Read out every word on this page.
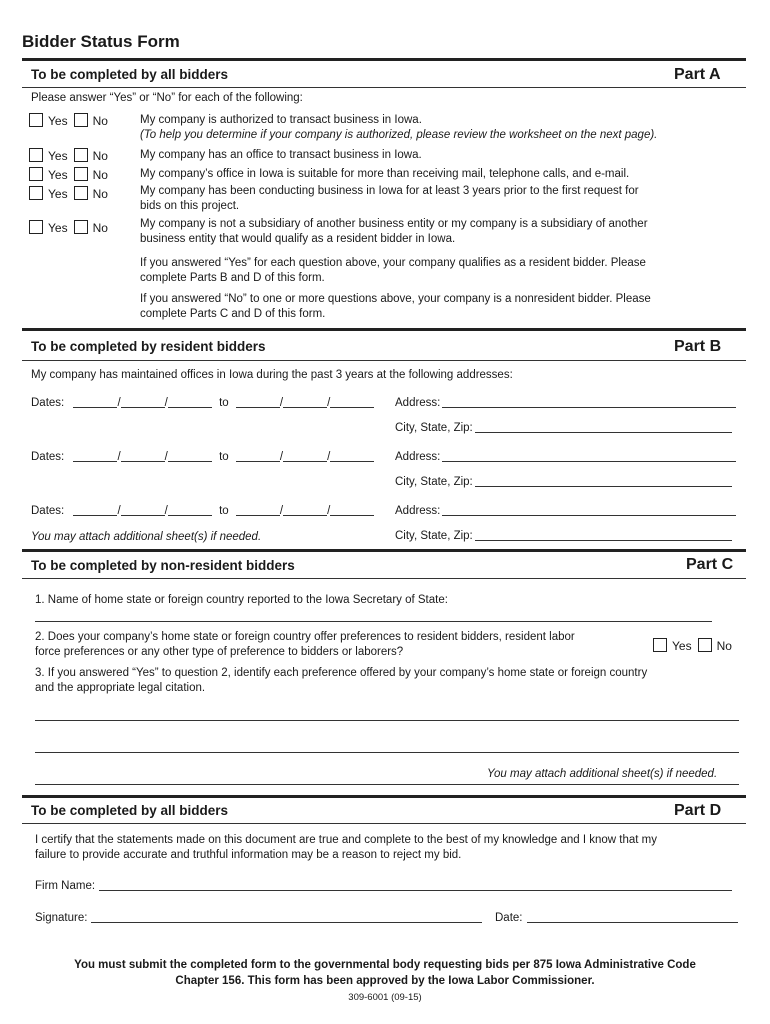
Bidder Status Form
To be completed by all bidders	Part A
Please answer “Yes” or “No” for each of the following:
Yes No	My company is authorized to transact business in Iowa.
(To help you determine if your company is authorized, please review the worksheet on the next page).
Yes No	My company has an office to transact business in Iowa.
Yes No	My company’s office in Iowa is suitable for more than receiving mail, telephone calls, and e-mail.
Yes No	My company has been conducting business in Iowa for at least 3 years prior to the first request for
bids on this project.
Yes No	My company is not a subsidiary of another business entity or my company is a subsidiary of another
business entity that would qualify as a resident bidder in Iowa.
If you answered “Yes” for each question above, your company qualifies as a resident bidder. Please
complete Parts B and D of this form.
If you answered “No” to one or more questions above, your company is a nonresident bidder. Please
complete Parts C and D of this form.
To be completed by resident bidders	Part B
My company has maintained offices in Iowa during the past 3 years at the following addresses:
Dates:	/	/	to	/	/	Address:
City, State, Zip:
Dates:	/	/	to	/	/	Address:
City, State, Zip:
Dates:	/	/	to	/	/	Address:
You may attach additional sheet(s) if needed.	City, State, Zip:
To be completed by non-resident bidders	Part C
1. Name of home state or foreign country reported to the Iowa Secretary of State:
2. Does your company’s home state or foreign country offer preferences to resident bidders, resident labor
force preferences or any other type of preference to bidders or laborers?	Yes No
3. If you answered “Yes” to question 2, identify each preference offered by your company’s home state or foreign country
and the appropriate legal citation.
You may attach additional sheet(s) if needed.
To be completed by all bidders	Part D
I certify that the statements made on this document are true and complete to the best of my knowledge and I know that my
failure to provide accurate and truthful information may be a reason to reject my bid.
Firm Name:
Signature:	Date:
You must submit the completed form to the governmental body requesting bids per 875 Iowa Administrative Code
Chapter 156. This form has been approved by the Iowa Labor Commissioner.
309-6001 (09-15)
